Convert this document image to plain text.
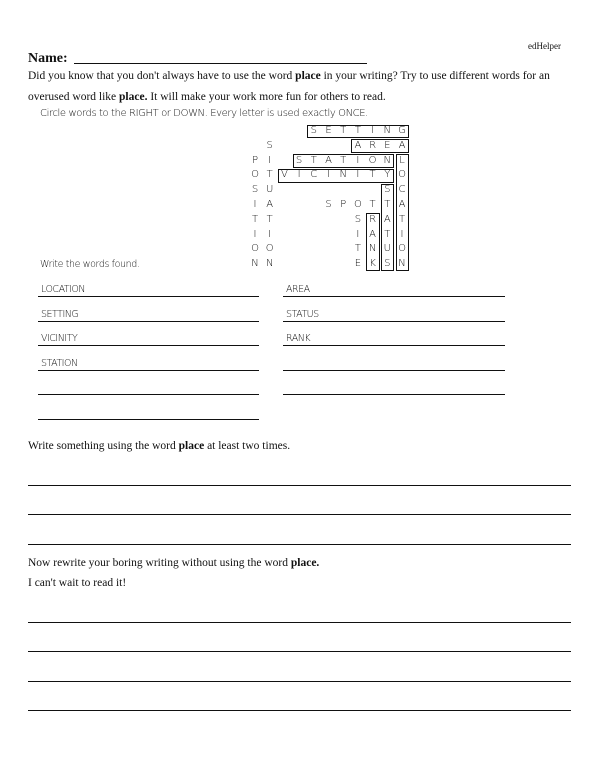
edHelper
Name:
Did you know that you don't always have to use the word place in your writing? Try to use different words for an
overused word like place. It will make your work more fun for others to read.
Circle words to the RIGHT or DOWN. Every letter is used exactly ONCE.
S E T T	I N G
S	A R E A
P	I	S T A T	I O N L
O T V I C I N I	T Y O
S U	S C
I A	S P O T T A
T T	S R A T
I	I	I A T	I
O O	T N U O
N N	E K S N
Write the words found.
LOCATION
SETTING
VICINITY
STATION
AREA
STATUS
RANK
Write something using the word place at least two times.
Now rewrite your boring writing without using the word place.
I can't wait to read it!
